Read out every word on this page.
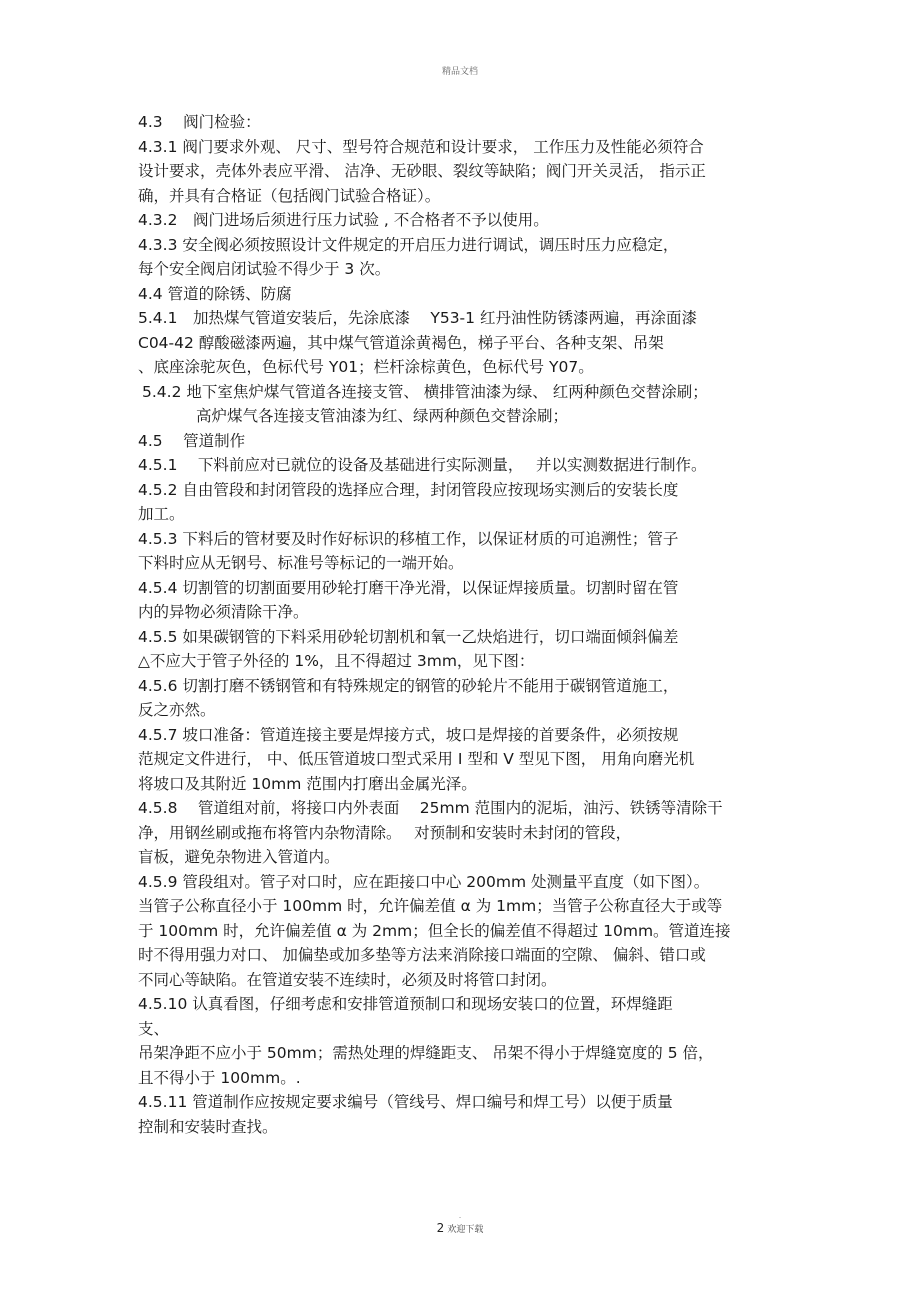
精品文档
4.3　 阀门检验：
4.3.1 阀门要求外观、 尺寸、型号符合规范和设计要求， 工作压力及性能必须符合
设计要求，壳体外表应平滑、 洁净、无砂眼、裂纹等缺陷；阀门开关灵活， 指示正
确，并具有合格证（包括阀门试验合格证）。
4.3.2　阀门进场后须进行压力试验 , 不合格者不予以使用。
4.3.3 安全阀必须按照设计文件规定的开启压力进行调试，调压时压力应稳定，
每个安全阀启闭试验不得少于 3 次。
4.4 管道的除锈、防腐
5.4.1　加热煤气管道安装后，先涂底漆　 Y53-1 红丹油性防锈漆两遍，再涂面漆
C04-42 醇酸磁漆两遍，其中煤气管道涂黄褐色，梯子平台、各种支架、吊架
、底座涂驼灰色，色标代号 Y01；栏杆涂棕黄色，色标代号 Y07。
5.4.2 地下室焦炉煤气管道各连接支管、 横排管油漆为绿、 红两种颜色交替涂刷；
高炉煤气各连接支管油漆为红、绿两种颜色交替涂刷；
4.5　 管道制作
4.5.1　 下料前应对已就位的设备及基础进行实际测量，　 并以实测数据进行制作。
4.5.2 自由管段和封闭管段的选择应合理，封闭管段应按现场实测后的安装长度
加工。
4.5.3 下料后的管材要及时作好标识的移植工作，以保证材质的可追溯性；管子
下料时应从无钢号、标准号等标记的一端开始。
4.5.4 切割管的切割面要用砂轮打磨干净光滑，以保证焊接质量。切割时留在管
内的异物必须清除干净。
4.5.5 如果碳钢管的下料采用砂轮切割机和氧一乙炔焰进行，切口端面倾斜偏差
△不应大于管子外径的 1%，且不得超过 3mm，见下图：
4.5.6 切割打磨不锈钢管和有特殊规定的钢管的砂轮片不能用于碳钢管道施工，
反之亦然。
4.5.7 坡口准备：管道连接主要是焊接方式，坡口是焊接的首要条件，必须按规
范规定文件进行， 中、低压管道坡口型式采用 I 型和 V 型见下图， 用角向磨光机
将坡口及其附近 10mm 范围内打磨出金属光泽。
4.5.8　 管道组对前，将接口内外表面　 25mm 范围内的泥垢，油污、铁锈等清除干
净，用钢丝刷或拖布将管内杂物清除。　 对预制和安装时未封闭的管段，
盲板，避免杂物进入管道内。
4.5.9 管段组对。管子对口时，应在距接口中心 200mm 处测量平直度（如下图）。
当管子公称直径小于 100mm 时，允许偏差值 α 为 1mm；当管子公称直径大于或等
于 100mm 时，允许偏差值 α 为 2mm；但全长的偏差值不得超过 10mm。管道连接
时不得用强力对口、 加偏垫或加多垫等方法来消除接口端面的空隙、 偏斜、错口或
不同心等缺陷。在管道安装不连续时，必须及时将管口封闭。
4.5.10 认真看图，仔细考虑和安排管道预制口和现场安装口的位置，环焊缝距
支、
吊架净距不应小于 50mm；需热处理的焊缝距支、 吊架不得小于焊缝宽度的 5 倍，
且不得小于 100mm。.
4.5.11 管道制作应按规定要求编号（管线号、焊口编号和焊工号）以便于质量
控制和安装时查找。
.
2 欢迎下载
